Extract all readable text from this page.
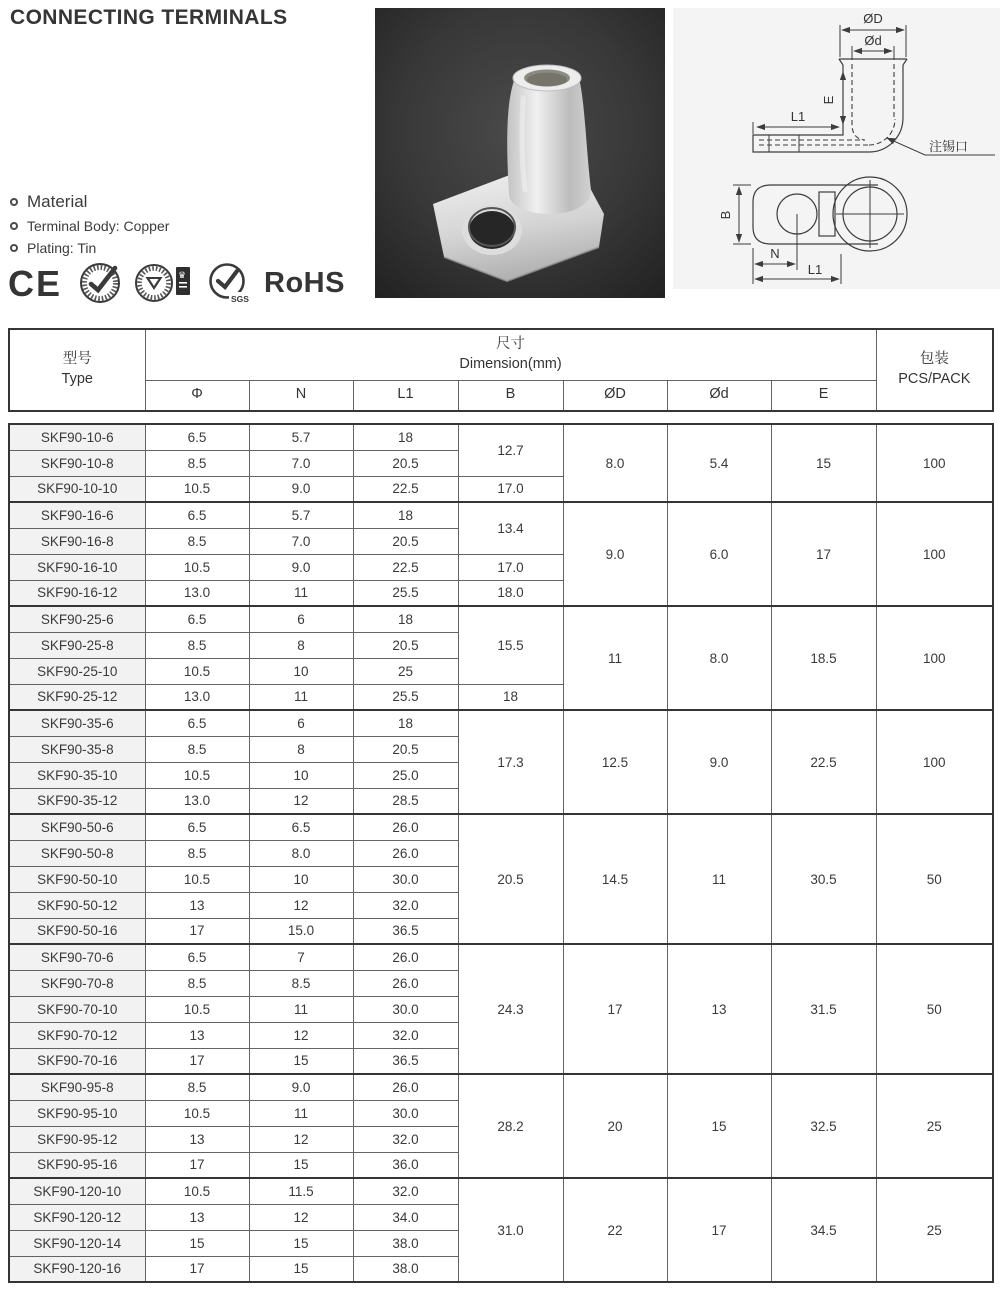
CONNECTING TERMINALS
Material
Terminal Body: Copper
Plating: Tin
CE	♛
SGS
RoHS
ØD
Ød
L1
E
注锡口
B
N
L1
型号
Type

尺寸
Dimension(mm)	包装
PCS/PACK

	Φ	N	L1	B	ØD	Ød	E	
SKF90-10-6	6.5	5.7	18	12.7	8.0	5.4	15	100
SKF90-10-8	8.5	7.0	20.5					
SKF90-10-10	10.5	9.0	22.5	17.0				
SKF90-16-6	6.5	5.7	18	13.4	9.0	6.0	17	100
SKF90-16-8	8.5	7.0	20.5					
SKF90-16-10	10.5	9.0	22.5	17.0				
SKF90-16-12	13.0	11	25.5	18.0				
SKF90-25-6	6.5	6	18	15.5	11	8.0	18.5	100
SKF90-25-8	8.5	8	20.5					
SKF90-25-10	10.5	10	25					
SKF90-25-12	13.0	11	25.5	18				
SKF90-35-6	6.5	6	18	17.3	12.5	9.0	22.5	100
SKF90-35-8	8.5	8	20.5					
SKF90-35-10	10.5	10	25.0					
SKF90-35-12	13.0	12	28.5					
SKF90-50-6	6.5	6.5	26.0	20.5	14.5	11	30.5	50
SKF90-50-8	8.5	8.0	26.0					
SKF90-50-10	10.5	10	30.0					
SKF90-50-12	13	12	32.0					
SKF90-50-16	17	15.0	36.5					
SKF90-70-6	6.5	7	26.0	24.3	17	13	31.5	50
SKF90-70-8	8.5	8.5	26.0					
SKF90-70-10	10.5	11	30.0					
SKF90-70-12	13	12	32.0					
SKF90-70-16	17	15	36.5					
SKF90-95-8	8.5	9.0	26.0	28.2	20	15	32.5	25
SKF90-95-10	10.5	11	30.0					
SKF90-95-12	13	12	32.0					
SKF90-95-16	17	15	36.0					
SKF90-120-10	10.5	11.5	32.0	31.0	22	17	34.5	25
SKF90-120-12	13	12	34.0					
SKF90-120-14	15	15	38.0					
SKF90-120-16	17	15	38.0					
